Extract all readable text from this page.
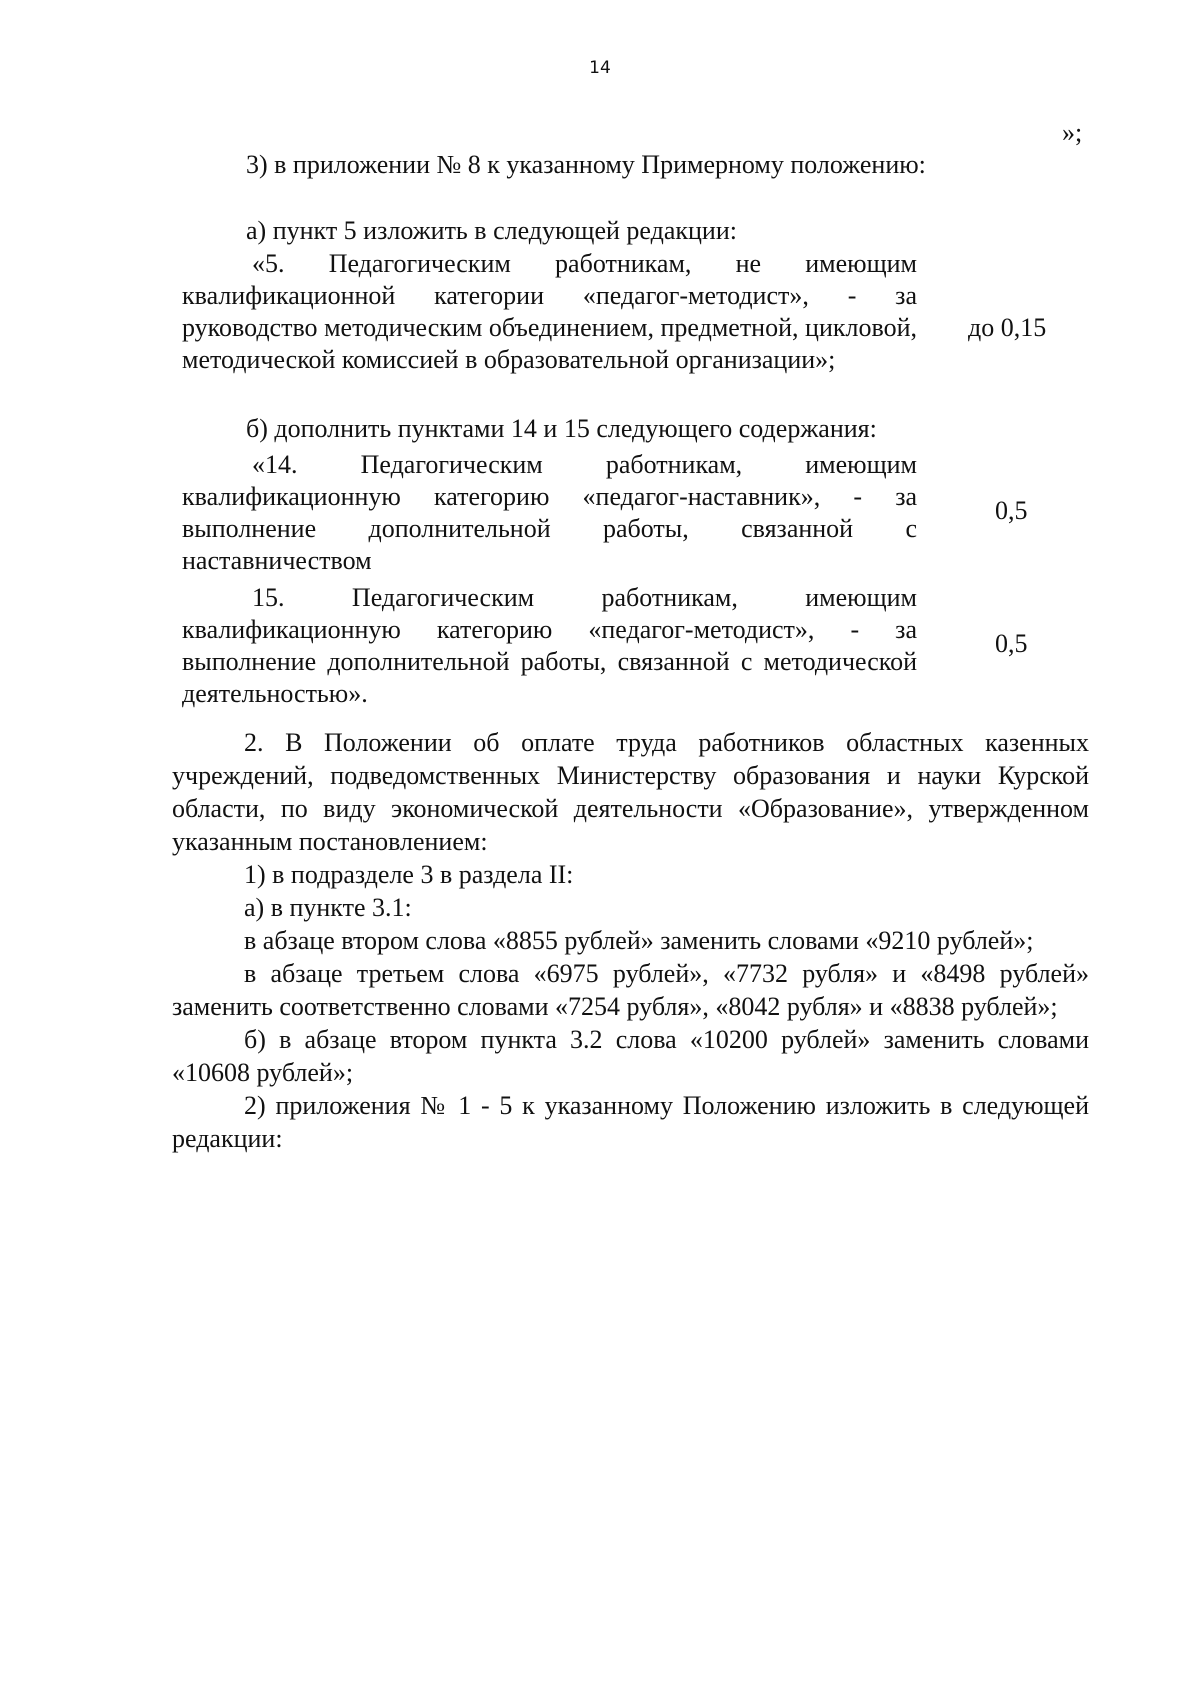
14
»;
3) в приложении № 8 к указанному Примерному положению:
а) пункт 5 изложить в следующей редакции:
«5. Педагогическим работникам, не имеющим квалификационной категории «педагог-методист», - за руководство методическим объединением, предметной, цикловой, методической комиссией в образовательной организации»;
до 0,15
б) дополнить пунктами 14 и 15 следующего содержания:
«14. Педагогическим работникам, имеющим квалификационную категорию «педагог-наставник», - за выполнение дополнительной работы, связанной с наставничеством
0,5
15. Педагогическим работникам, имеющим квалификационную категорию «педагог-методист», - за выполнение дополнительной работы, связанной с методической деятельностью».
0,5

2. В Положении об оплате труда работников областных казенных учреждений, подведомственных Министерству образования и науки Курской области, по виду экономической деятельности «Образование», утвержденном указанным постановлением:

1) в подразделе 3 в раздела II:

а) в пункте 3.1:

в абзаце втором слова «8855 рублей» заменить словами «9210 рублей»;

в абзаце третьем слова «6975 рублей», «7732 рубля» и «8498 рублей» заменить соответственно словами «7254 рубля», «8042 рубля» и «8838 рублей»;

б) в абзаце втором пункта 3.2 слова «10200 рублей» заменить словами «10608 рублей»;

2) приложения № 1 - 5 к указанному Положению изложить в следующей редакции:
